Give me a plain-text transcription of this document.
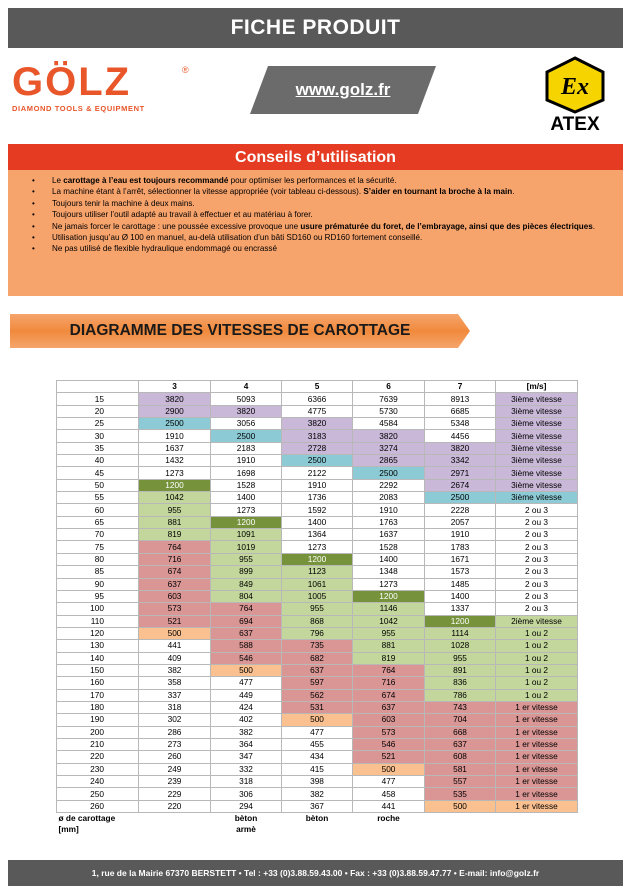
FICHE PRODUIT
GÖLZ	®
DIAMOND TOOLS & EQUIPMENT
www.golz.fr	Ex
ATEX
Conseils d’utilisation
• Le carottage à l’eau est toujours recommandé pour optimiser les performances et la sécurité.
• La machine étant à l’arrêt, sélectionner la vitesse appropriée (voir tableau ci-dessous). S’aider en tournant la broche à la main.
• Toujours tenir la machine à deux mains.
• Toujours utiliser l’outil adapté au travail à effectuer et au matériau à forer.
• Ne jamais forcer le carottage : une poussée excessive provoque une usure prématurée du foret, de l’embrayage, ainsi que des pièces électriques.
• Utilisation jusqu’au Ø 100 en manuel, au-delà utilisation d’un bâti SD160 ou RD160 fortement conseillé.
• Ne pas utilisé de flexible hydraulique endommagé ou encrassé
DIAGRAMME DES VITESSES DE CAROTTAGE
	3	4	5	6	7	[m/s]
15	3820	5093	6366	7639	8913	3ième vitesse
20	2900	3820	4775	5730	6685	3ième vitesse
25	2500	3056	3820	4584	5348	3ième vitesse
30	1910	2500	3183	3820	4456	3ième vitesse
35	1637	2183	2728	3274	3820	3ième vitesse
40	1432	1910	2500	2865	3342	3ième vitesse
45	1273	1698	2122	2500	2971	3ième vitesse
50	1200	1528	1910	2292	2674	3ième vitesse
55	1042	1400	1736	2083	2500	3ième vitesse
60	955	1273	1592	1910	2228	2 ou 3
65	881	1200	1400	1763	2057	2 ou 3
70	819	1091	1364	1637	1910	2 ou 3
75	764	1019	1273	1528	1783	2 ou 3
80	716	955	1200	1400	1671	2 ou 3
85	674	899	1123	1348	1573	2 ou 3
90	637	849	1061	1273	1485	2 ou 3
95	603	804	1005	1200	1400	2 ou 3
100	573	764	955	1146	1337	2 ou 3
110	521	694	868	1042	1200	2ième vitesse
120	500	637	796	955	1114	1 ou 2
130	441	588	735	881	1028	1 ou 2
140	409	546	682	819	955	1 ou 2
150	382	500	637	764	891	1 ou 2
160	358	477	597	716	836	1 ou 2
170	337	449	562	674	786	1 ou 2
180	318	424	531	637	743	1 er vitesse
190	302	402	500	603	704	1 er vitesse
200	286	382	477	573	668	1 er vitesse
210	273	364	455	546	637	1 er vitesse
220	260	347	434	521	608	1 er vitesse
230	249	332	415	500	581	1 er vitesse
240	239	318	398	477	557	1 er vitesse
250	229	306	382	458	535	1 er vitesse
260	220	294	367	441	500	1 er vitesse
ø de carottage		bèton	bèton	roche		
[mm]		armè				
1, rue de la Mairie 67370 BERSTETT • Tel : +33 (0)3.88.59.43.00 • Fax : +33 (0)3.88.59.47.77 • E-mail: info@golz.fr
